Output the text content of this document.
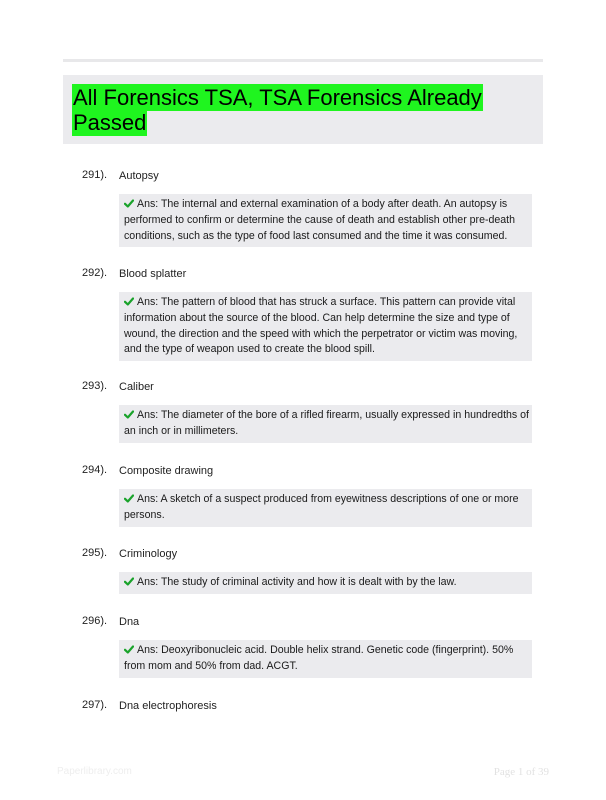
All Forensics TSA, TSA Forensics Already Passed
291). Autopsy
Ans: The internal and external examination of a body after death. An autopsy is performed to confirm or determine the cause of death and establish other pre-death conditions, such as the type of food last consumed and the time it was consumed.
292). Blood splatter
Ans: The pattern of blood that has struck a surface. This pattern can provide vital information about the source of the blood. Can help determine the size and type of wound, the direction and the speed with which the perpetrator or victim was moving, and the type of weapon used to create the blood spill.
293). Caliber
Ans: The diameter of the bore of a rifled firearm, usually expressed in hundredths of an inch or in millimeters.
294). Composite drawing
Ans: A sketch of a suspect produced from eyewitness descriptions of one or more persons.
295). Criminology
Ans: The study of criminal activity and how it is dealt with by the law.
296). Dna
Ans: Deoxyribonucleic acid. Double helix strand. Genetic code (fingerprint). 50% from mom and 50% from dad. ACGT.
297). Dna electrophoresis
Paperlibrary.com	Page 1 of 39
